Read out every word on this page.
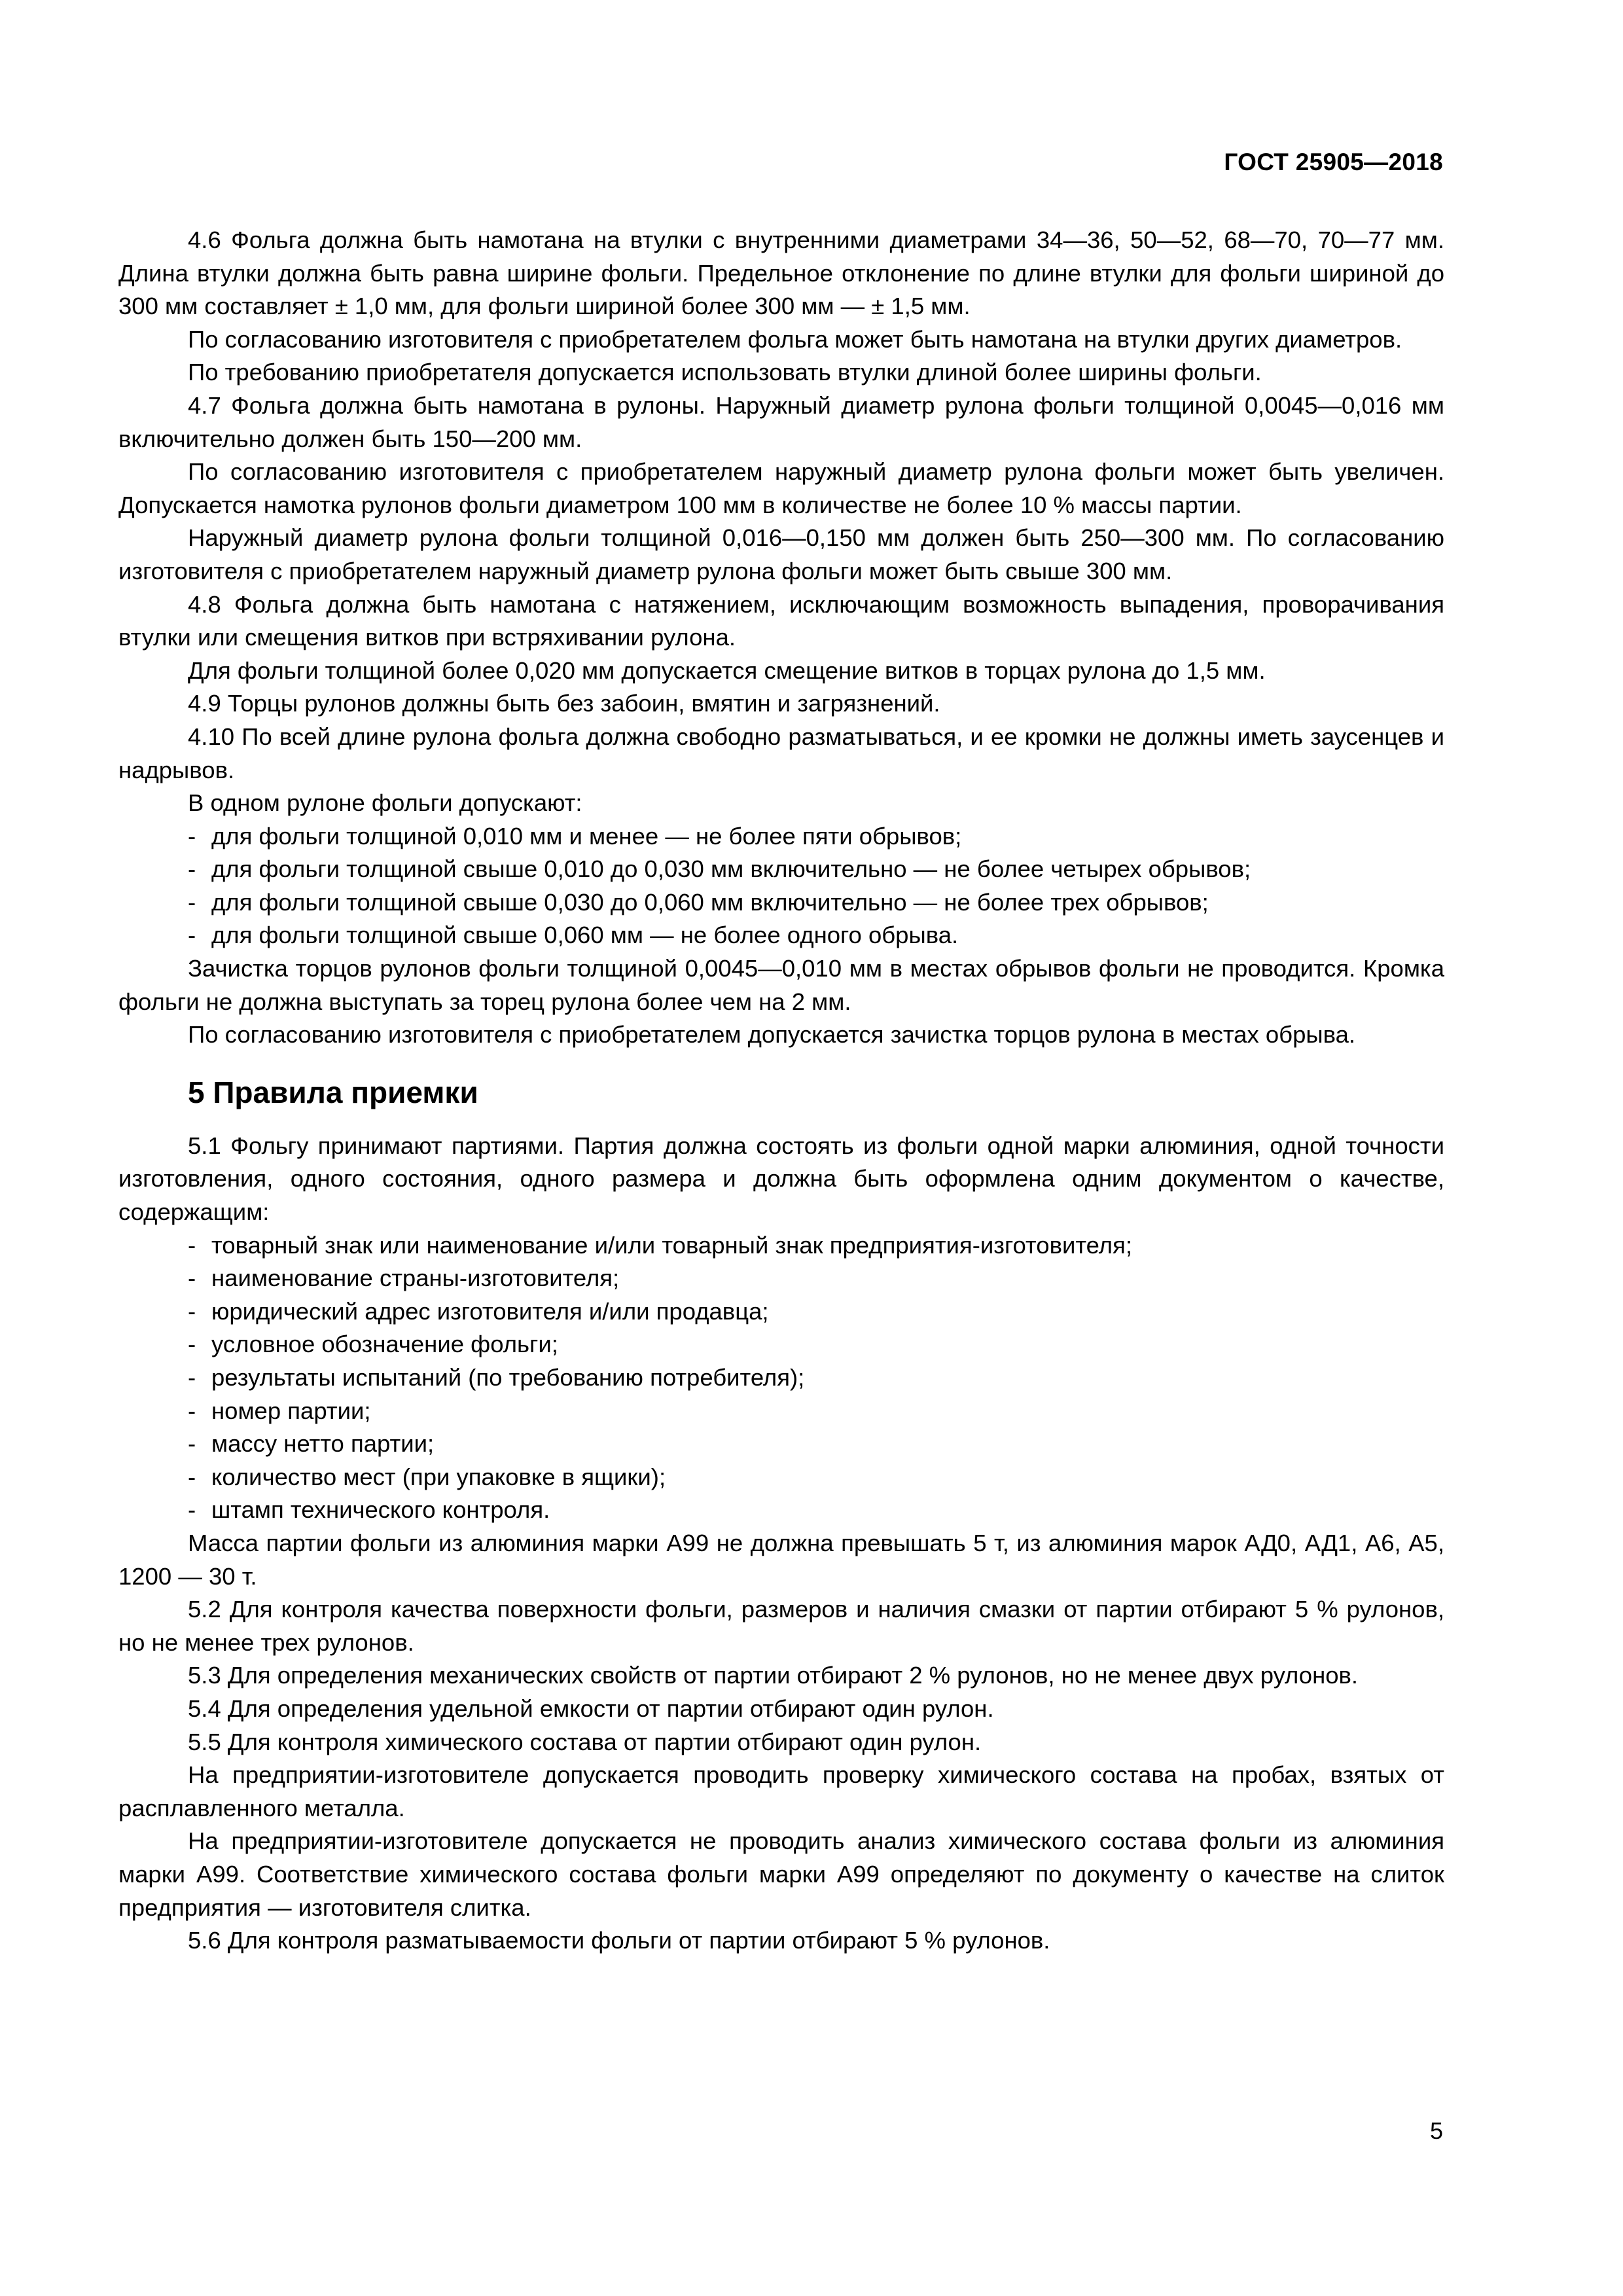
ГОСТ 25905—2018

4.6 Фольга должна быть намотана на втулки с внутренними диаметрами 34—36, 50—52, 68—70, 70—77 мм. Длина втулки должна быть равна ширине фольги. Предельное отклонение по длине втулки для фольги шириной до 300 мм составляет ± 1,0 мм, для фольги шириной более 300 мм — ± 1,5 мм.

По согласованию изготовителя с приобретателем фольга может быть намотана на втулки других диаметров.

По требованию приобретателя допускается использовать втулки длиной более ширины фольги.

4.7 Фольга должна быть намотана в рулоны. Наружный диаметр рулона фольги толщиной 0,0045—0,016 мм включительно должен быть 150—200 мм.

По согласованию изготовителя с приобретателем наружный диаметр рулона фольги может быть увеличен. Допускается намотка рулонов фольги диаметром 100 мм в количестве не более 10 % массы партии.

Наружный диаметр рулона фольги толщиной 0,016—0,150 мм должен быть 250—300 мм. По согласованию изготовителя с приобретателем наружный диаметр рулона фольги может быть свыше 300 мм.

4.8 Фольга должна быть намотана с натяжением, исключающим возможность выпадения, проворачивания втулки или смещения витков при встряхивании рулона.

Для фольги толщиной более 0,020 мм допускается смещение витков в торцах рулона до 1,5 мм.

4.9 Торцы рулонов должны быть без забоин, вмятин и загрязнений.

4.10 По всей длине рулона фольга должна свободно разматываться, и ее кромки не должны иметь заусенцев и надрывов.

В одном рулоне фольги допускают:

- для фольги толщиной 0,010 мм и менее — не более пяти обрывов;

- для фольги толщиной свыше 0,010 до 0,030 мм включительно — не более четырех обрывов;

- для фольги толщиной свыше 0,030 до 0,060 мм включительно — не более трех обрывов;

- для фольги толщиной свыше 0,060 мм — не более одного обрыва.

Зачистка торцов рулонов фольги толщиной 0,0045—0,010 мм в местах обрывов фольги не проводится. Кромка фольги не должна выступать за торец рулона более чем на 2 мм.

По согласованию изготовителя с приобретателем допускается зачистка торцов рулона в местах обрыва.

5 Правила приемки

5.1 Фольгу принимают партиями. Партия должна состоять из фольги одной марки алюминия, одной точности изготовления, одного состояния, одного размера и должна быть оформлена одним документом о качестве, содержащим:

- товарный знак или наименование и/или товарный знак предприятия-изготовителя;

- наименование страны-изготовителя;

- юридический адрес изготовителя и/или продавца;

- условное обозначение фольги;

- результаты испытаний (по требованию потребителя);

- номер партии;

- массу нетто партии;

- количество мест (при упаковке в ящики);

- штамп технического контроля.

Масса партии фольги из алюминия марки А99 не должна превышать 5 т, из алюминия марок АД0, АД1, А6, А5, 1200 — 30 т.

5.2 Для контроля качества поверхности фольги, размеров и наличия смазки от партии отбирают 5 % рулонов, но не менее трех рулонов.

5.3 Для определения механических свойств от партии отбирают 2 % рулонов, но не менее двух рулонов.

5.4 Для определения удельной емкости от партии отбирают один рулон.

5.5 Для контроля химического состава от партии отбирают один рулон.

На предприятии-изготовителе допускается проводить проверку химического состава на пробах, взятых от расплавленного металла.

На предприятии-изготовителе допускается не проводить анализ химического состава фольги из алюминия марки А99. Соответствие химического состава фольги марки А99 определяют по документу о качестве на слиток предприятия — изготовителя слитка.

5.6 Для контроля разматываемости фольги от партии отбирают 5 % рулонов.

5
